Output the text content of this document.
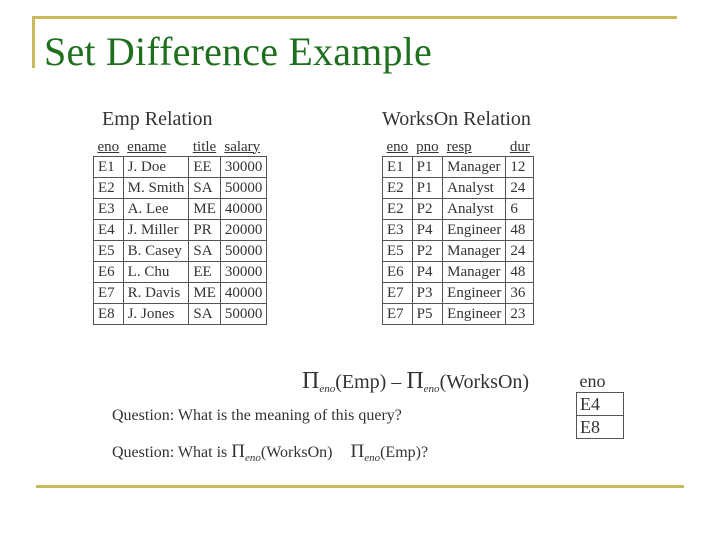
Set Difference Example
Emp Relation
eno	ename	title	salary
E1	J. Doe	EE	30000
E2	M. Smith	SA	50000
E3	A. Lee	ME	40000
E4	J. Miller	PR	20000
E5	B. Casey	SA	50000
E6	L. Chu	EE	30000
E7	R. Davis	ME	40000
E8	J. Jones	SA	50000
WorksOn Relation
eno	pno	resp	dur
E1	P1	Manager	12
E2	P1	Analyst	24
E2	P2	Analyst	6
E3	P4	Engineer	48
E5	P2	Manager	24
E6	P4	Manager	48
E7	P3	Engineer	36
E7	P5	Engineer	23
$\Pi_{eno}(Emp)$ – $\Pi_{eno}(WorksOn)$	eno
E4
E8
Question: What is the meaning of this query?
Question: What is $\Pi_{eno}(WorksOn)$ $\Pi_{eno}(Emp)$?
